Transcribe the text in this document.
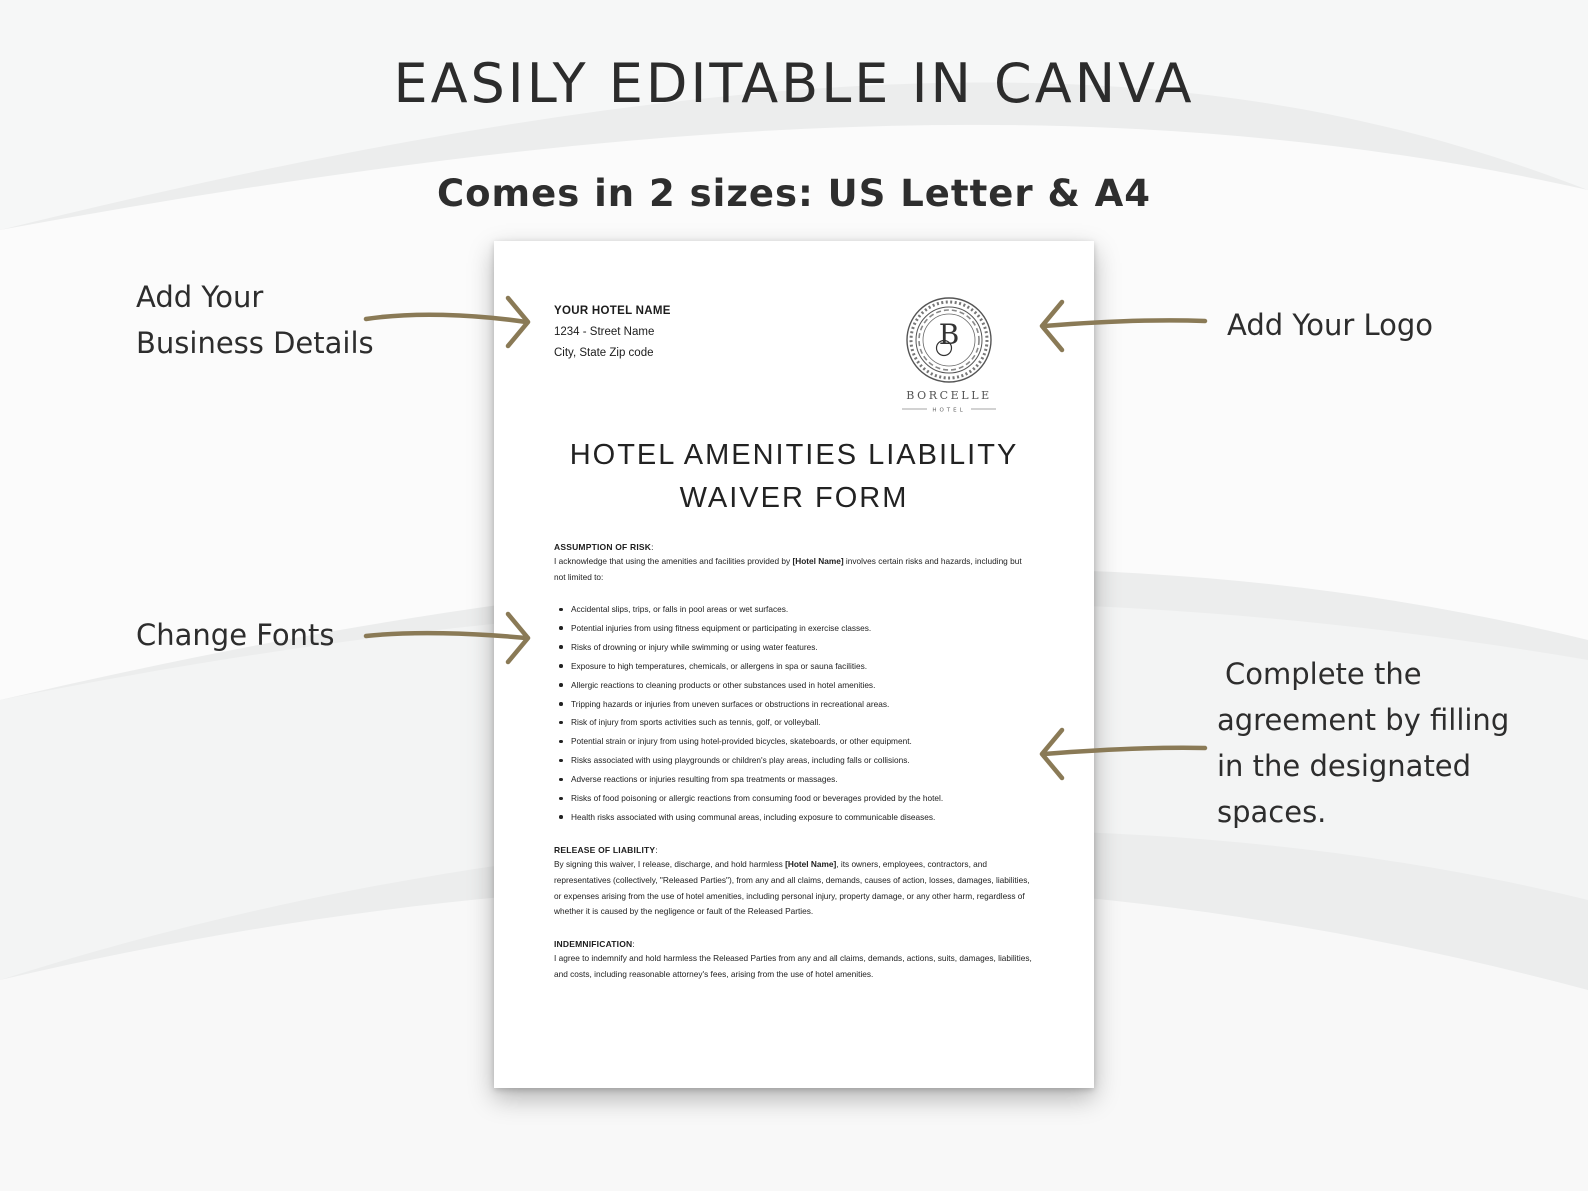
EASILY EDITABLE IN CANVA
Comes in 2 sizes: US Letter & A4
Add Your
Business Details
Change Fonts
Add Your Logo
Complete the
agreement by filling
in the designated
spaces.
YOUR HOTEL NAME
1234 - Street Name
City, State Zip code
B
BORCELLE
HOTEL
HOTEL AMENITIES LIABILITY
WAIVER FORM
ASSUMPTION OF RISK:
I acknowledge that using the amenities and facilities provided by [Hotel Name] involves certain risks and hazards, including but not limited to:
Accidental slips, trips, or falls in pool areas or wet surfaces.
Potential injuries from using fitness equipment or participating in exercise classes.
Risks of drowning or injury while swimming or using water features.
Exposure to high temperatures, chemicals, or allergens in spa or sauna facilities.
Allergic reactions to cleaning products or other substances used in hotel amenities.
Tripping hazards or injuries from uneven surfaces or obstructions in recreational areas.
Risk of injury from sports activities such as tennis, golf, or volleyball.
Potential strain or injury from using hotel-provided bicycles, skateboards, or other equipment.
Risks associated with using playgrounds or children's play areas, including falls or collisions.
Adverse reactions or injuries resulting from spa treatments or massages.
Risks of food poisoning or allergic reactions from consuming food or beverages provided by the hotel.
Health risks associated with using communal areas, including exposure to communicable diseases.
RELEASE OF LIABILITY:
By signing this waiver, I release, discharge, and hold harmless [Hotel Name], its owners, employees, contractors, and representatives (collectively, "Released Parties"), from any and all claims, demands, causes of action, losses, damages, liabilities, or expenses arising from the use of hotel amenities, including personal injury, property damage, or any other harm, regardless of whether it is caused by the negligence or fault of the Released Parties.
INDEMNIFICATION:
I agree to indemnify and hold harmless the Released Parties from any and all claims, demands, actions, suits, damages, liabilities, and costs, including reasonable attorney's fees, arising from the use of hotel amenities.
